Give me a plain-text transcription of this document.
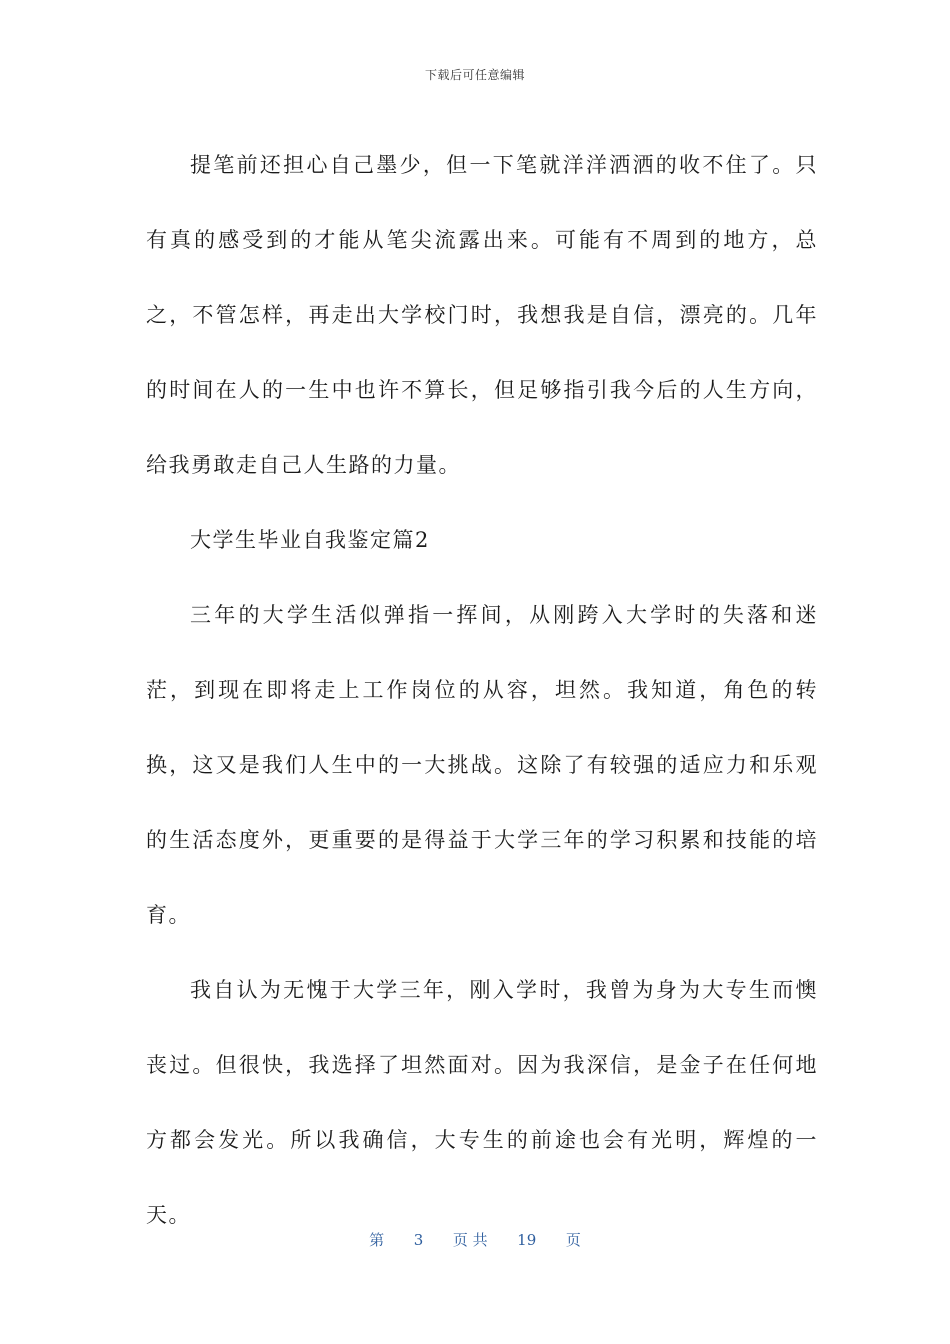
下载后可任意编辑

提笔前还担心自己墨少，但一下笔就洋洋洒洒的收不住了。只有真的感受到的才能从笔尖流露出来。可能有不周到的地方，总之，不管怎样，再走出大学校门时，我想我是自信，漂亮的。几年的时间在人的一生中也许不算长，但足够指引我今后的人生方向，给我勇敢走自己人生路的力量。

大学生毕业自我鉴定篇2

三年的大学生活似弹指一挥间，从刚跨入大学时的失落和迷茫，到现在即将走上工作岗位的从容，坦然。我知道，角色的转换，这又是我们人生中的一大挑战。这除了有较强的适应力和乐观的生活态度外，更重要的是得益于大学三年的学习积累和技能的培育。

我自认为无愧于大学三年，刚入学时，我曾为身为大专生而懊丧过。但很快，我选择了坦然面对。因为我深信，是金子在任何地方都会发光。所以我确信，大专生的前途也会有光明，辉煌的一天。

第 3 页 共 19 页
